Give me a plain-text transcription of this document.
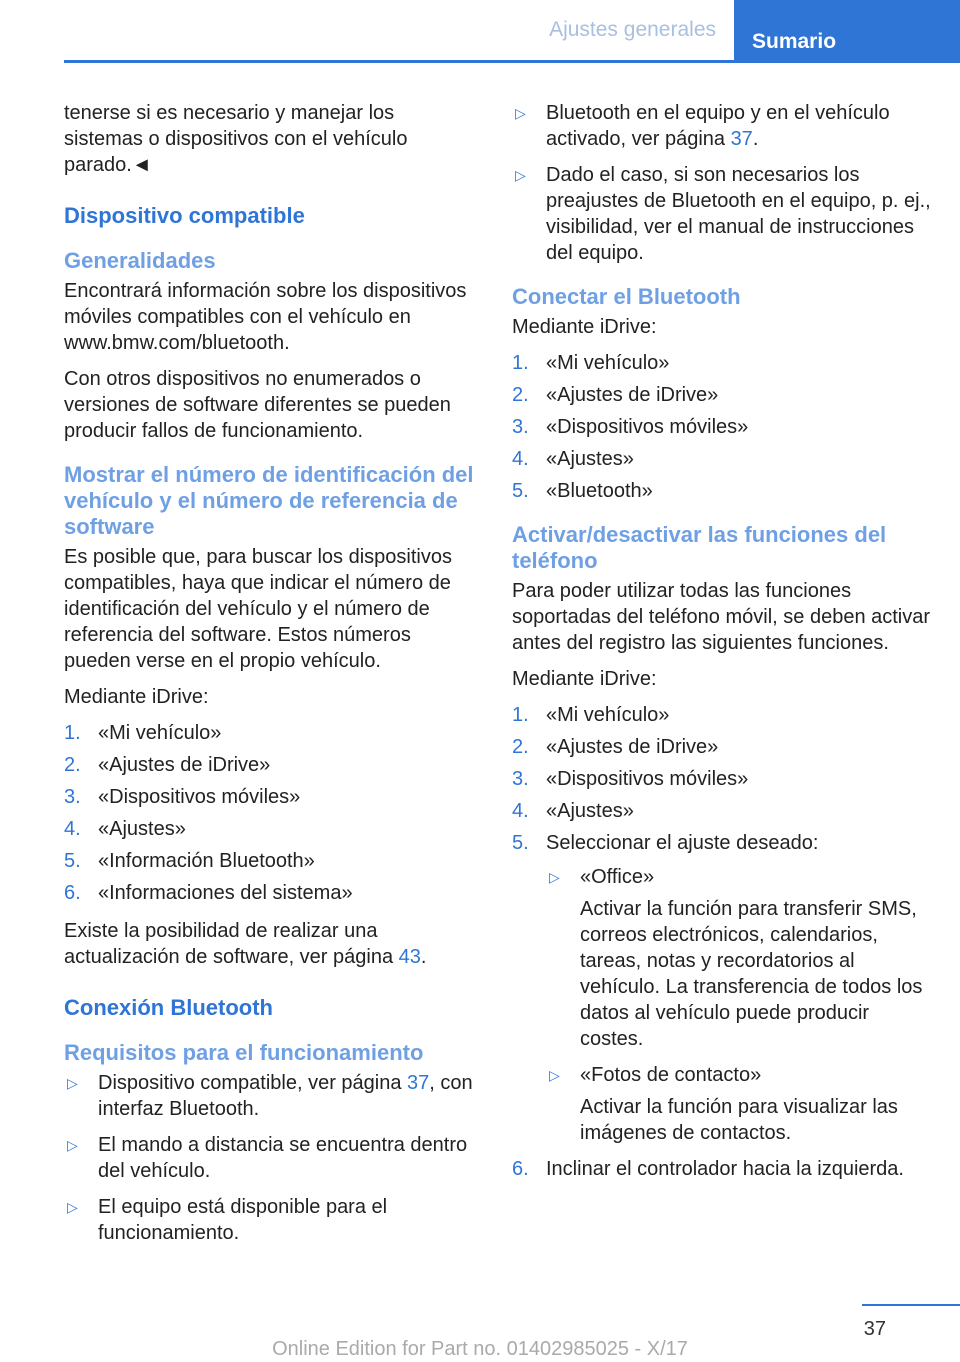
Ajustes generales
Sumario

tenerse si es necesario y manejar los sistemas o dispositivos con el vehículo parado.◄

Dispositivo compatible
Generalidades

Encontrará información sobre los dispositivos móviles compatibles con el vehículo en www.bmw.com/bluetooth.

Con otros dispositivos no enumerados o versiones de software diferentes se pueden producir fallos de funcionamiento.

Mostrar el número de identificación del vehículo y el número de referencia de software

Es posible que, para buscar los dispositivos compatibles, haya que indicar el número de identificación del vehículo y el número de referencia del software. Estos números pueden verse en el propio vehículo.

Mediante iDrive:

1. «Mi vehículo»
2. «Ajustes de iDrive»
3. «Dispositivos móviles»
4. «Ajustes»
5. «Información Bluetooth»
6. «Informaciones del sistema»

Existe la posibilidad de realizar una actualización de software, ver página 43.

Conexión Bluetooth
Requisitos para el funcionamiento
▷ Dispositivo compatible, ver página 37, con interfaz Bluetooth.
▷ El mando a distancia se encuentra dentro del vehículo.
▷ El equipo está disponible para el funcionamiento.
▷ Bluetooth en el equipo y en el vehículo activado, ver página 37.
▷ Dado el caso, si son necesarios los preajustes de Bluetooth en el equipo, p. ej., visibilidad, ver el manual de instrucciones del equipo.
Conectar el Bluetooth

Mediante iDrive:

1. «Mi vehículo»
2. «Ajustes de iDrive»
3. «Dispositivos móviles»
4. «Ajustes»
5. «Bluetooth»
Activar/desactivar las funciones del teléfono

Para poder utilizar todas las funciones soportadas del teléfono móvil, se deben activar antes del registro las siguientes funciones.

Mediante iDrive:

1. «Mi vehículo»
2. «Ajustes de iDrive»
3. «Dispositivos móviles»
4. «Ajustes»
5. Seleccionar el ajuste deseado:
▷ «Office»
Activar la función para transferir SMS, correos electrónicos, calendarios, tareas, notas y recordatorios al vehículo. La transferencia de todos los datos al vehículo puede producir costes.
▷ «Fotos de contacto»
Activar la función para visualizar las imágenes de contactos.
6. Inclinar el controlador hacia la izquierda.
37
Online Edition for Part no. 01402985025 - X/17
